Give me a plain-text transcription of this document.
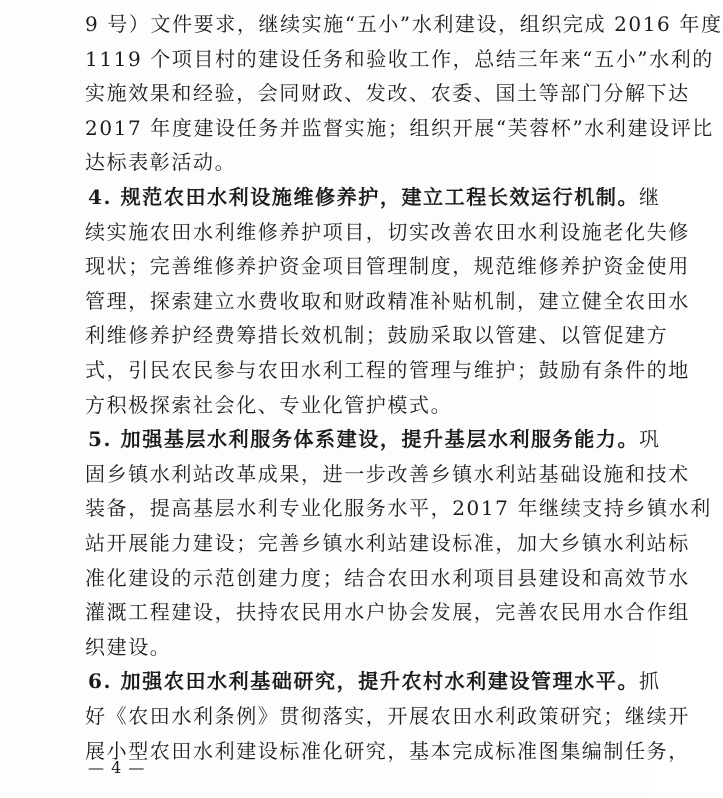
9 号）文件要求，继续实施“五小”水利建设，组织完成 2016 年度
1119 个项目村的建设任务和验收工作，总结三年来“五小”水利的
实施效果和经验，会同财政、发改、农委、国土等部门分解下达
2017 年度建设任务并监督实施；组织开展“芙蓉杯”水利建设评比
达标表彰活动。
4. 规范农田水利设施维修养护，建立工程长效运行机制。继
续实施农田水利维修养护项目，切实改善农田水利设施老化失修
现状；完善维修养护资金项目管理制度，规范维修养护资金使用
管理，探索建立水费收取和财政精准补贴机制，建立健全农田水
利维修养护经费筹措长效机制；鼓励采取以管建、以管促建方
式，引民农民参与农田水利工程的管理与维护；鼓励有条件的地
方积极探索社会化、专业化管护模式。
5. 加强基层水利服务体系建设，提升基层水利服务能力。巩
固乡镇水利站改革成果，进一步改善乡镇水利站基础设施和技术
装备，提高基层水利专业化服务水平，2017 年继续支持乡镇水利
站开展能力建设；完善乡镇水利站建设标准，加大乡镇水利站标
准化建设的示范创建力度；结合农田水利项目县建设和高效节水
灌溉工程建设，扶持农民用水户协会发展，完善农民用水合作组
织建设。
6. 加强农田水利基础研究，提升农村水利建设管理水平。抓
好《农田水利条例》贯彻落实，开展农田水利政策研究；继续开
展小型农田水利建设标准化研究，基本完成标准图集编制任务，
— 4 —
